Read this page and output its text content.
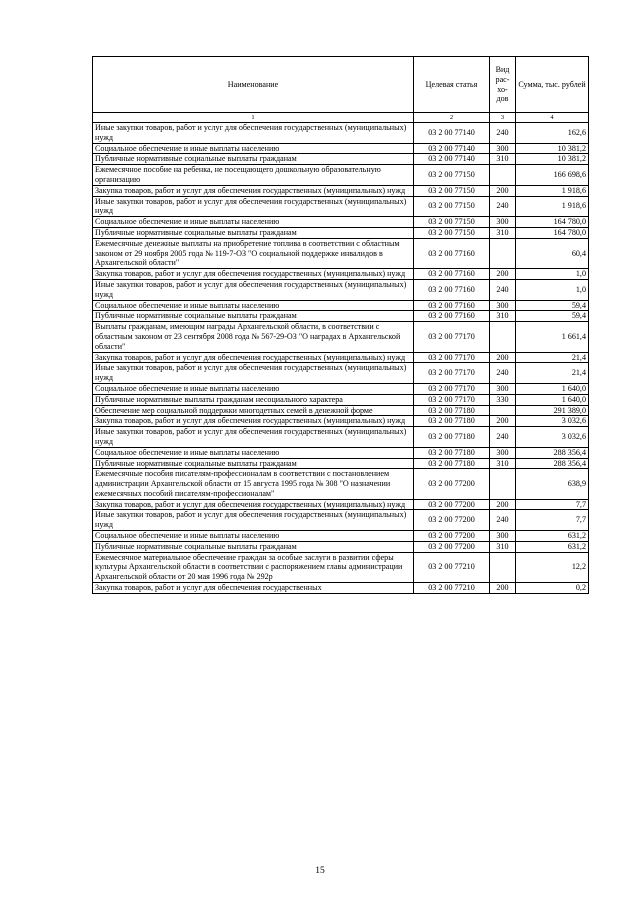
Наименование	Целевая статья	Вид рас- хо- дов	Сумма, тыс. рублей
1	2	3	4
Иные закупки товаров, работ и услуг для обеспечения государственных (муниципальных) нужд	03 2 00 77140	240	162,6
Социальное обеспечение и иные выплаты населению	03 2 00 77140	300	10 381,2
Публичные нормативные социальные выплаты гражданам	03 2 00 77140	310	10 381,2
Ежемесячное пособие на ребенка, не посещающего дошкольную образовательную организацию	03 2 00 77150		166 698,6
Закупка товаров, работ и услуг для обеспечения государственных (муниципальных) нужд	03 2 00 77150	200	1 918,6
Иные закупки товаров, работ и услуг для обеспечения государственных (муниципальных) нужд	03 2 00 77150	240	1 918,6
Социальное обеспечение и иные выплаты населению	03 2 00 77150	300	164 780,0
Публичные нормативные социальные выплаты гражданам	03 2 00 77150	310	164 780,0
Ежемесячные денежные выплаты на приобретение топлива в соответствии с областным законом от 29 ноября 2005 года № 119-7-ОЗ "О социальной поддержке инвалидов в Архангельской области"	03 2 00 77160		60,4
Закупка товаров, работ и услуг для обеспечения государственных (муниципальных) нужд	03 2 00 77160	200	1,0
Иные закупки товаров, работ и услуг для обеспечения государственных (муниципальных) нужд	03 2 00 77160	240	1,0
Социальное обеспечение и иные выплаты населению	03 2 00 77160	300	59,4
Публичные нормативные социальные выплаты гражданам	03 2 00 77160	310	59,4
Выплаты гражданам, имеющим награды Архангельской области, в соответствии с областным законом от 23 сентября 2008 года № 567-29-ОЗ "О наградах в Архангельской области"	03 2 00 77170		1 661,4
Закупка товаров, работ и услуг для обеспечения государственных (муниципальных) нужд	03 2 00 77170	200	21,4
Иные закупки товаров, работ и услуг для обеспечения государственных (муниципальных) нужд	03 2 00 77170	240	21,4
Социальное обеспечение и иные выплаты населению	03 2 00 77170	300	1 640,0
Публичные нормативные выплаты гражданам несоциального характера	03 2 00 77170	330	1 640,0
Обеспечение мер социальной поддержки многодетных семей в денежной форме	03 2 00 77180		291 389,0
Закупка товаров, работ и услуг для обеспечения государственных (муниципальных) нужд	03 2 00 77180	200	3 032,6
Иные закупки товаров, работ и услуг для обеспечения государственных (муниципальных) нужд	03 2 00 77180	240	3 032,6
Социальное обеспечение и иные выплаты населению	03 2 00 77180	300	288 356,4
Публичные нормативные социальные выплаты гражданам	03 2 00 77180	310	288 356,4
Ежемесячные пособия писателям-профессионалам в соответствии с постановлением администрации Архангельской области от 15 августа 1995 года № 308 "О назначении ежемесячных пособий писателям-профессионалам"	03 2 00 77200		638,9
Закупка товаров, работ и услуг для обеспечения государственных (муниципальных) нужд	03 2 00 77200	200	7,7
Иные закупки товаров, работ и услуг для обеспечения государственных (муниципальных) нужд	03 2 00 77200	240	7,7
Социальное обеспечение и иные выплаты населению	03 2 00 77200	300	631,2
Публичные нормативные социальные выплаты гражданам	03 2 00 77200	310	631,2
Ежемесячное материальное обеспечение граждан за особые заслуги в развитии сферы культуры Архангельской области в соответствии с распоряжением главы администрации Архангельской области от 20 мая 1996 года № 292р	03 2 00 77210		12,2
Закупка товаров, работ и услуг для обеспечения государственных	03 2 00 77210	200	0,2
15
